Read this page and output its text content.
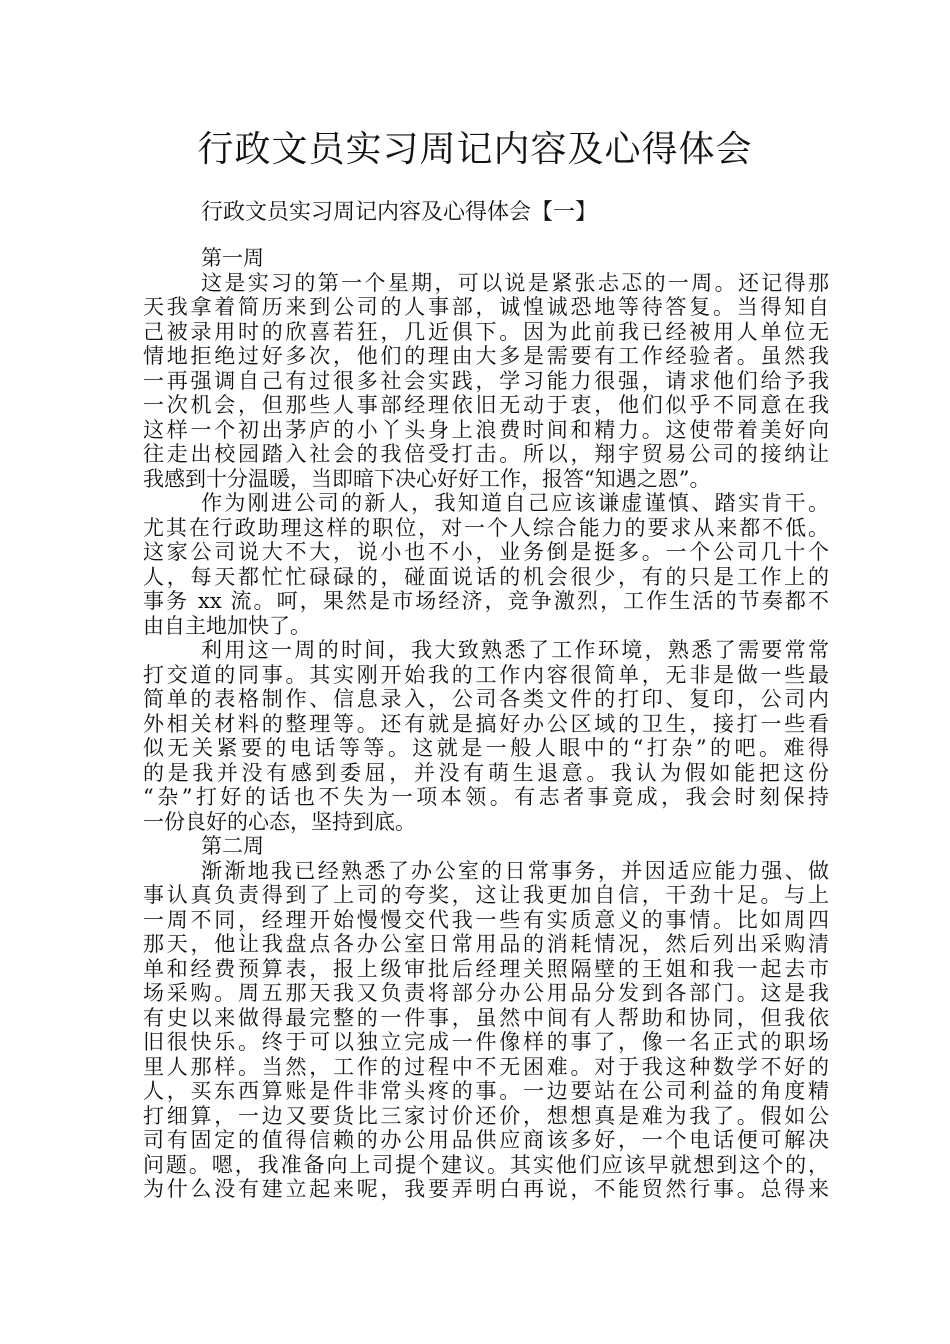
行政文员实习周记内容及心得体会
行政文员实习周记内容及心得体会【一】
第一周
这是实习的第一个星期，可以说是紧张忐忑的一周。还记得那
天我拿着简历来到公司的人事部，诚惶诚恐地等待答复。当得知自
己被录用时的欣喜若狂，几近俱下。因为此前我已经被用人单位无
情地拒绝过好多次，他们的理由大多是需要有工作经验者。虽然我
一再强调自己有过很多社会实践，学习能力很强，请求他们给予我
一次机会，但那些人事部经理依旧无动于衷，他们似乎不同意在我
这样一个初出茅庐的小丫头身上浪费时间和精力。这使带着美好向
往走出校园踏入社会的我倍受打击。所以，翔宇贸易公司的接纳让
我感到十分温暖，当即暗下决心好好工作，报答“知遇之恩”。
作为刚进公司的新人，我知道自己应该谦虚谨慎、踏实肯干。
尤其在行政助理这样的职位，对一个人综合能力的要求从来都不低。
这家公司说大不大，说小也不小，业务倒是挺多。一个公司几十个
人，每天都忙忙碌碌的，碰面说话的机会很少，有的只是工作上的
事务 xx 流。呵，果然是市场经济，竞争激烈，工作生活的节奏都不
由自主地加快了。
利用这一周的时间，我大致熟悉了工作环境，熟悉了需要常常
打交道的同事。其实刚开始我的工作内容很简单，无非是做一些最
简单的表格制作、信息录入，公司各类文件的打印、复印，公司内
外相关材料的整理等。还有就是搞好办公区域的卫生，接打一些看
似无关紧要的电话等等。这就是一般人眼中的“打杂”的吧。难得
的是我并没有感到委屈，并没有萌生退意。我认为假如能把这份
“杂”打好的话也不失为一项本领。有志者事竟成，我会时刻保持
一份良好的心态，坚持到底。
第二周
渐渐地我已经熟悉了办公室的日常事务，并因适应能力强、做
事认真负责得到了上司的夸奖，这让我更加自信，干劲十足。与上
一周不同，经理开始慢慢交代我一些有实质意义的事情。比如周四
那天，他让我盘点各办公室日常用品的消耗情况，然后列出采购清
单和经费预算表，报上级审批后经理关照隔壁的王姐和我一起去市
场采购。周五那天我又负责将部分办公用品分发到各部门。这是我
有史以来做得最完整的一件事，虽然中间有人帮助和协同，但我依
旧很快乐。终于可以独立完成一件像样的事了，像一名正式的职场
里人那样。当然，工作的过程中不无困难。对于我这种数学不好的
人，买东西算账是件非常头疼的事。一边要站在公司利益的角度精
打细算，一边又要货比三家讨价还价，想想真是难为我了。假如公
司有固定的值得信赖的办公用品供应商该多好，一个电话便可解决
问题。嗯，我准备向上司提个建议。其实他们应该早就想到这个的，
为什么没有建立起来呢，我要弄明白再说，不能贸然行事。总得来
